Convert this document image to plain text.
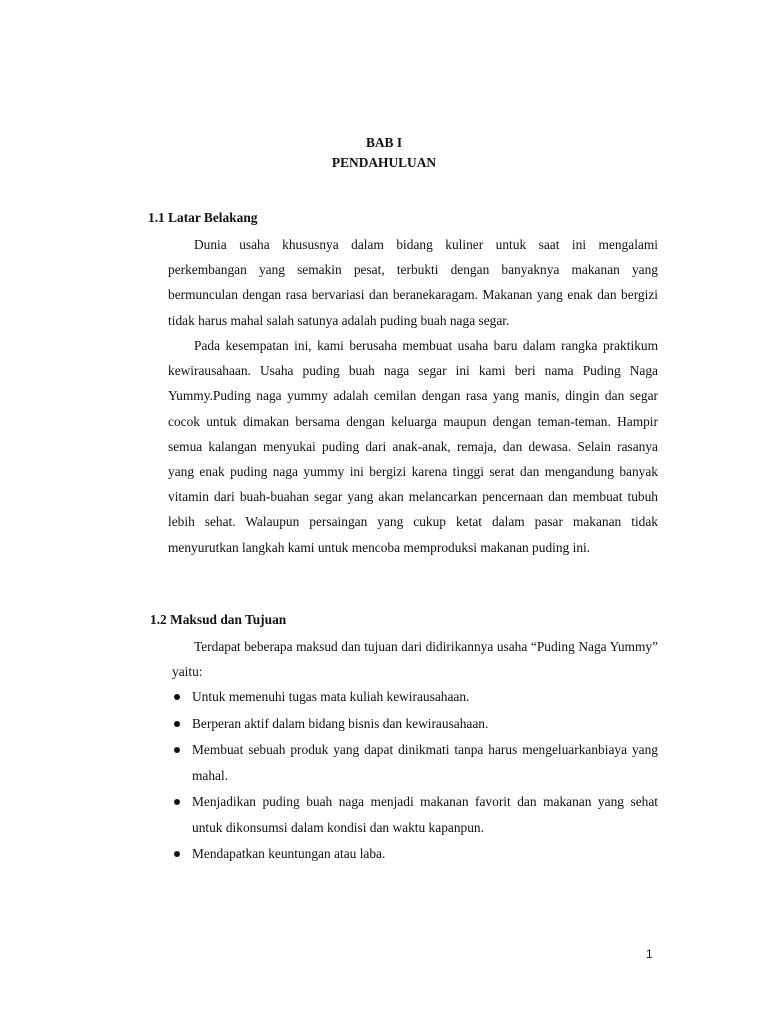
BAB I
PENDAHULUAN
1.1 Latar Belakang

Dunia usaha khususnya dalam bidang kuliner untuk saat ini mengalami perkembangan yang semakin pesat, terbukti dengan banyaknya makanan yang bermunculan dengan rasa bervariasi dan beranekaragam. Makanan yang enak dan bergizi tidak harus mahal salah satunya adalah puding buah naga segar.

Pada kesempatan ini, kami berusaha membuat usaha baru dalam rangka praktikum kewirausahaan. Usaha puding buah naga segar ini kami beri nama Puding Naga Yummy.Puding naga yummy adalah cemilan dengan rasa yang manis, dingin dan segar cocok untuk dimakan bersama dengan keluarga maupun dengan teman-teman. Hampir semua kalangan menyukai puding dari anak-anak, remaja, dan dewasa. Selain rasanya yang enak puding naga yummy ini bergizi karena tinggi serat dan mengandung banyak vitamin dari buah-buahan segar yang akan melancarkan pencernaan dan membuat tubuh lebih sehat. Walaupun persaingan yang cukup ketat dalam pasar makanan tidak menyurutkan langkah kami untuk mencoba memproduksi makanan puding ini.

1.2 Maksud dan Tujuan

Terdapat beberapa maksud dan tujuan dari didirikannya usaha “Puding Naga Yummy” yaitu:

Untuk memenuhi tugas mata kuliah kewirausahaan.
Berperan aktif dalam bidang bisnis dan kewirausahaan.
Membuat sebuah produk yang dapat dinikmati tanpa harus mengeluarkanbiaya yang mahal.
Menjadikan puding buah naga menjadi makanan favorit dan makanan yang sehat untuk dikonsumsi dalam kondisi dan waktu kapanpun.
Mendapatkan keuntungan atau laba.
1
